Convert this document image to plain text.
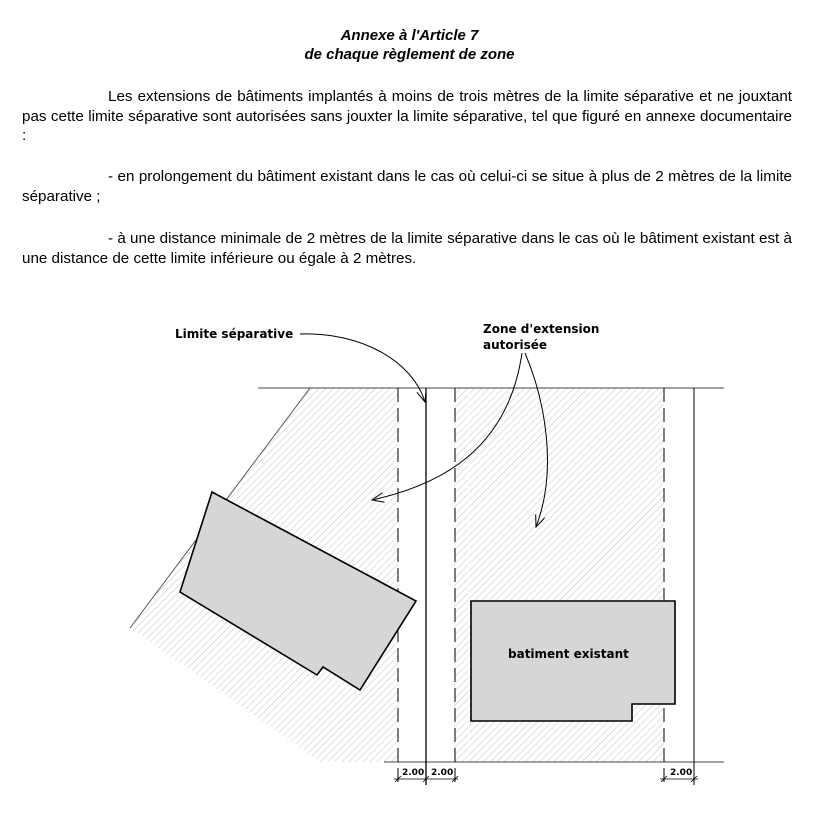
Annexe à l'Article 7
de chaque règlement de zone

Les extensions de bâtiments implantés à moins de trois mètres de la limite séparative et ne jouxtant pas cette limite séparative sont autorisées sans jouxter la limite séparative, tel que figuré en annexe documentaire :

- en prolongement du bâtiment existant dans le cas où celui-ci se situe à plus de 2 mètres de la limite séparative ;

- à une distance minimale de 2 mètres de la limite séparative dans le cas où le bâtiment existant est à une distance de cette limite inférieure ou égale à 2 mètres.

Limite séparative	Zone d'extension
autorisée
batiment existant
2.00 2.00	2.00
